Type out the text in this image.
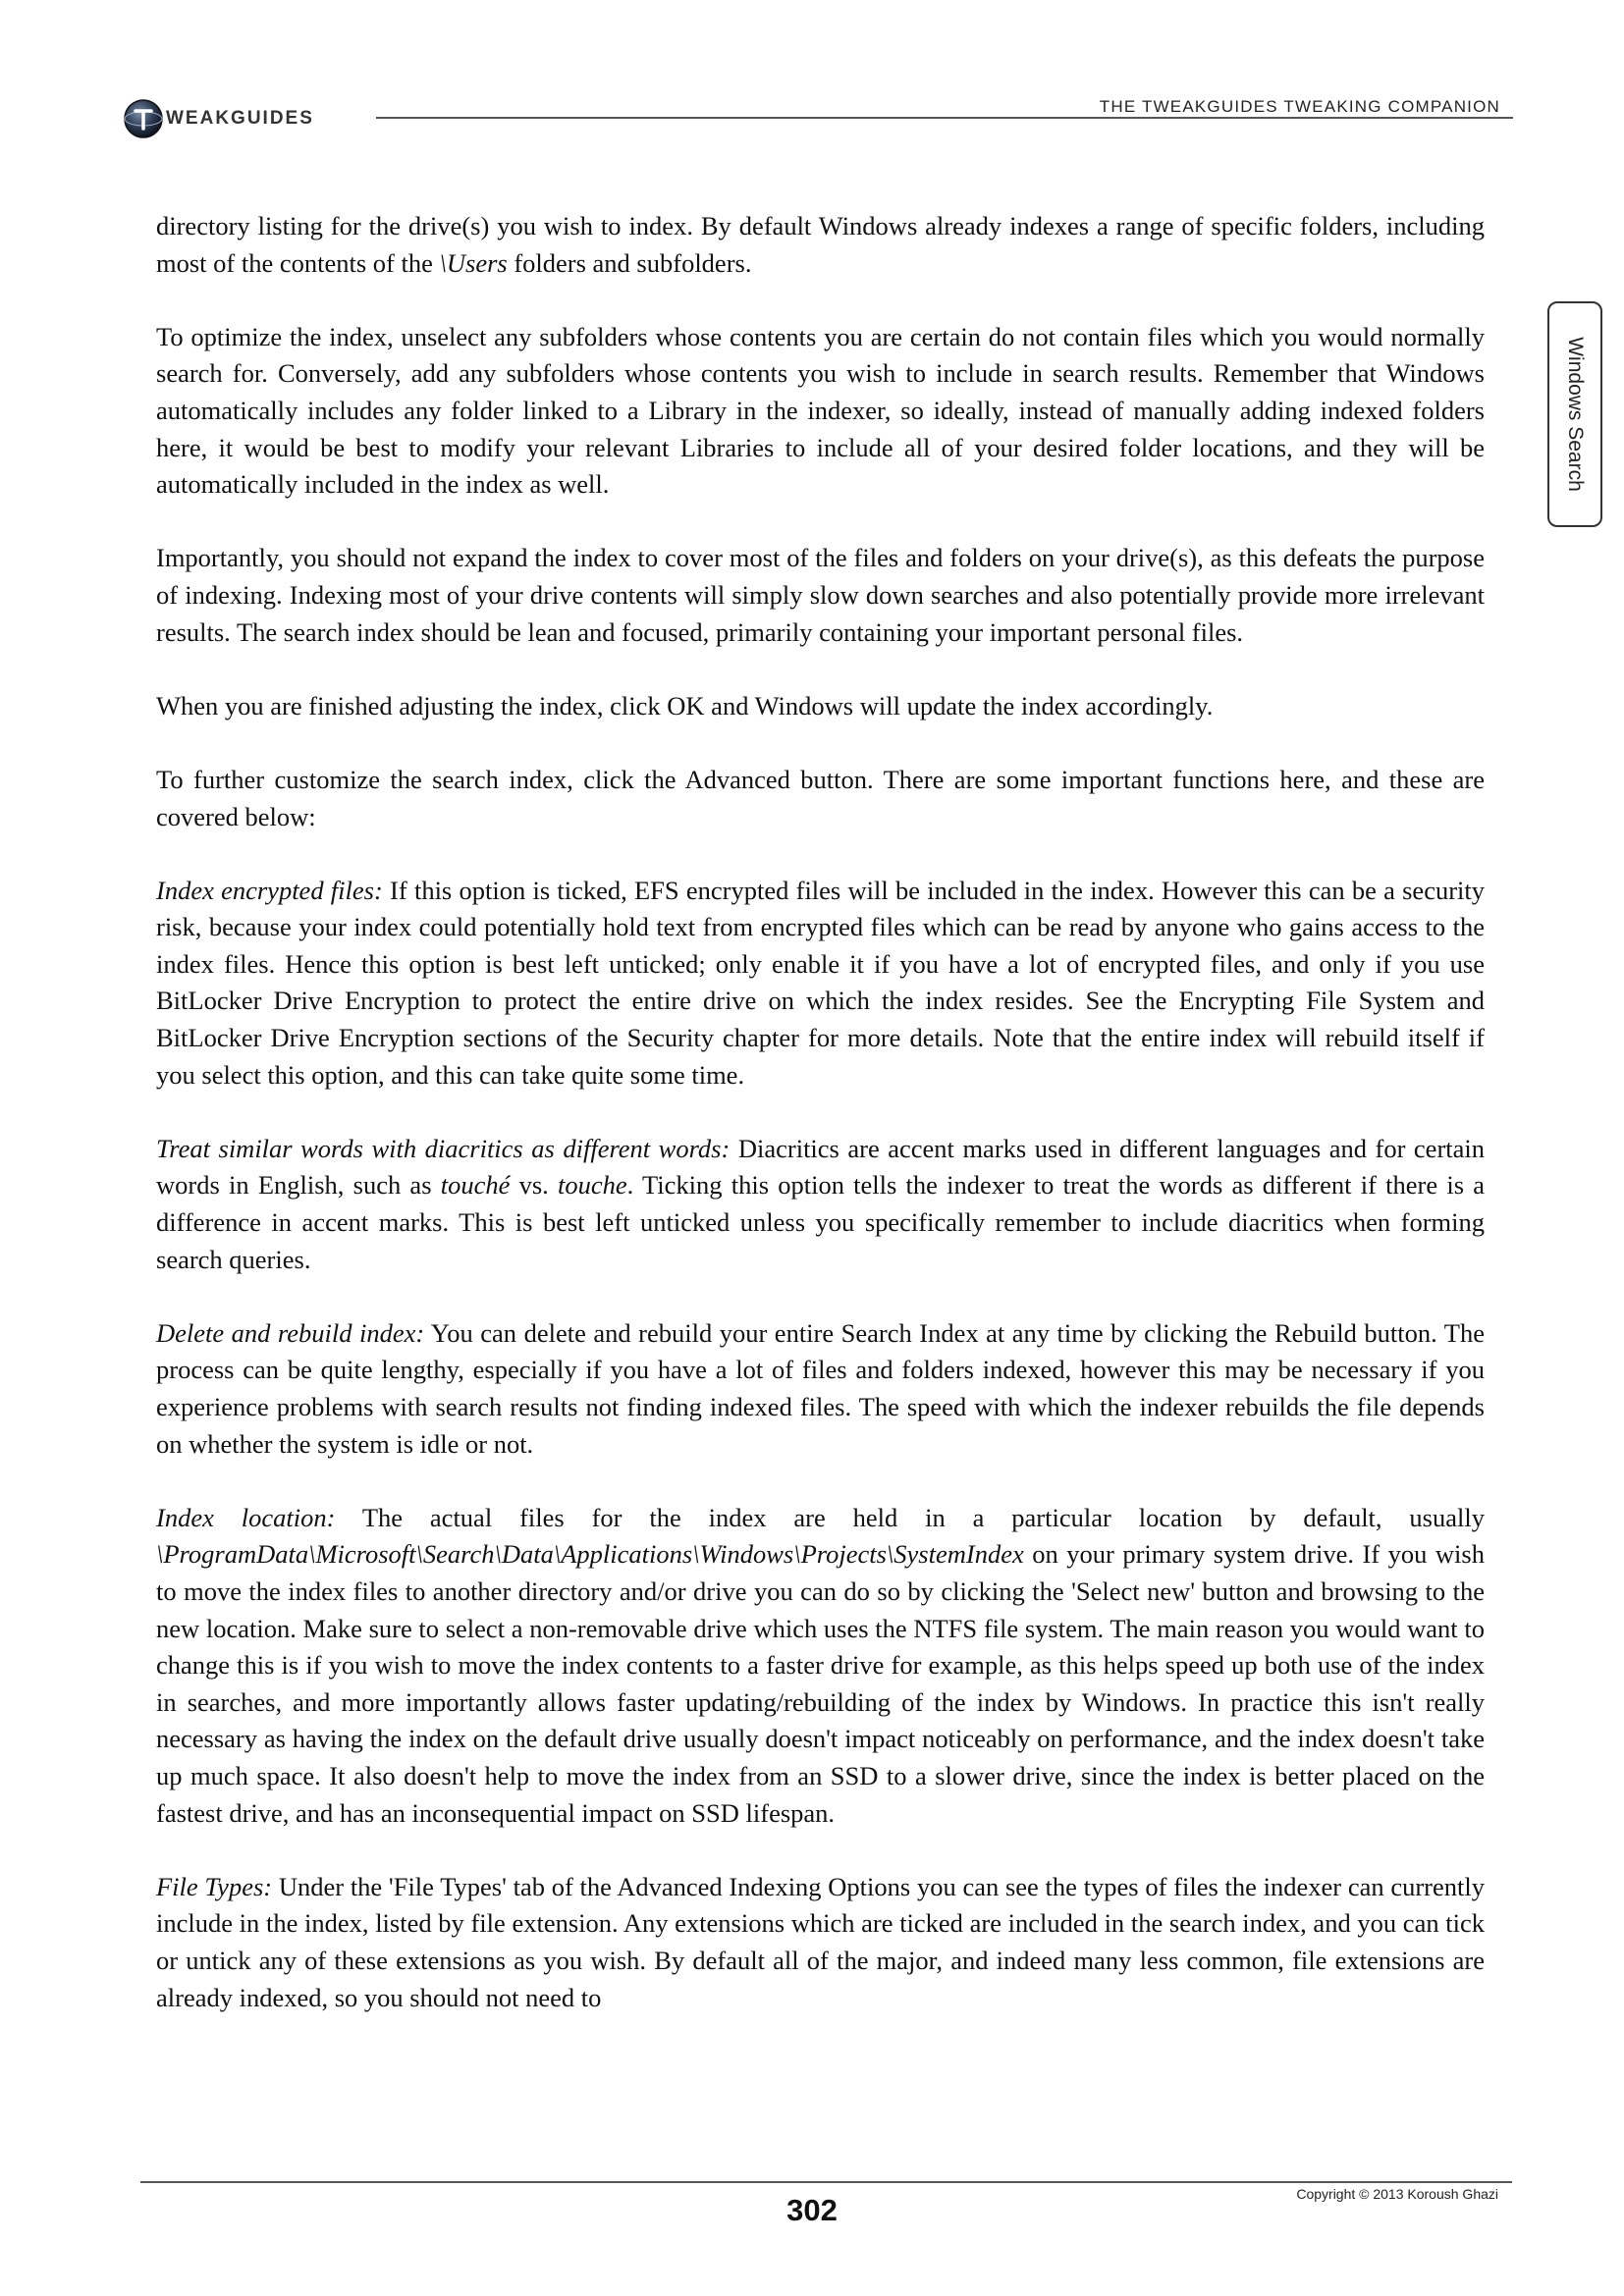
WEAKGUIDES
THE TWEAKGUIDES TWEAKING COMPANION
Windows Search

directory listing for the drive(s) you wish to index. By default Windows already indexes a range of specific folders, including most of the contents of the \Users folders and subfolders.

To optimize the index, unselect any subfolders whose contents you are certain do not contain files which you would normally search for. Conversely, add any subfolders whose contents you wish to include in search results. Remember that Windows automatically includes any folder linked to a Library in the indexer, so ideally, instead of manually adding indexed folders here, it would be best to modify your relevant Libraries to include all of your desired folder locations, and they will be automatically included in the index as well.

Importantly, you should not expand the index to cover most of the files and folders on your drive(s), as this defeats the purpose of indexing. Indexing most of your drive contents will simply slow down searches and also potentially provide more irrelevant results. The search index should be lean and focused, primarily containing your important personal files.

When you are finished adjusting the index, click OK and Windows will update the index accordingly.

To further customize the search index, click the Advanced button. There are some important functions here, and these are covered below:

Index encrypted files: If this option is ticked, EFS encrypted files will be included in the index. However this can be a security risk, because your index could potentially hold text from encrypted files which can be read by anyone who gains access to the index files. Hence this option is best left unticked; only enable it if you have a lot of encrypted files, and only if you use BitLocker Drive Encryption to protect the entire drive on which the index resides. See the Encrypting File System and BitLocker Drive Encryption sections of the Security chapter for more details. Note that the entire index will rebuild itself if you select this option, and this can take quite some time.

Treat similar words with diacritics as different words: Diacritics are accent marks used in different languages and for certain words in English, such as touché vs. touche. Ticking this option tells the indexer to treat the words as different if there is a difference in accent marks. This is best left unticked unless you specifically remember to include diacritics when forming search queries.

Delete and rebuild index: You can delete and rebuild your entire Search Index at any time by clicking the Rebuild button. The process can be quite lengthy, especially if you have a lot of files and folders indexed, however this may be necessary if you experience problems with search results not finding indexed files. The speed with which the indexer rebuilds the file depends on whether the system is idle or not.

Index location: The actual files for the index are held in a particular location by default, usually \ProgramData\Microsoft\Search\Data\Applications\Windows\Projects\SystemIndex on your primary system drive. If you wish to move the index files to another directory and/or drive you can do so by clicking the 'Select new' button and browsing to the new location. Make sure to select a non-removable drive which uses the NTFS file system. The main reason you would want to change this is if you wish to move the index contents to a faster drive for example, as this helps speed up both use of the index in searches, and more importantly allows faster updating/rebuilding of the index by Windows. In practice this isn't really necessary as having the index on the default drive usually doesn't impact noticeably on performance, and the index doesn't take up much space. It also doesn't help to move the index from an SSD to a slower drive, since the index is better placed on the fastest drive, and has an inconsequential impact on SSD lifespan.

File Types: Under the 'File Types' tab of the Advanced Indexing Options you can see the types of files the indexer can currently include in the index, listed by file extension. Any extensions which are ticked are included in the search index, and you can tick or untick any of these extensions as you wish. By default all of the major, and indeed many less common, file extensions are already indexed, so you should not need to

302	Copyright © 2013 Koroush Ghazi
